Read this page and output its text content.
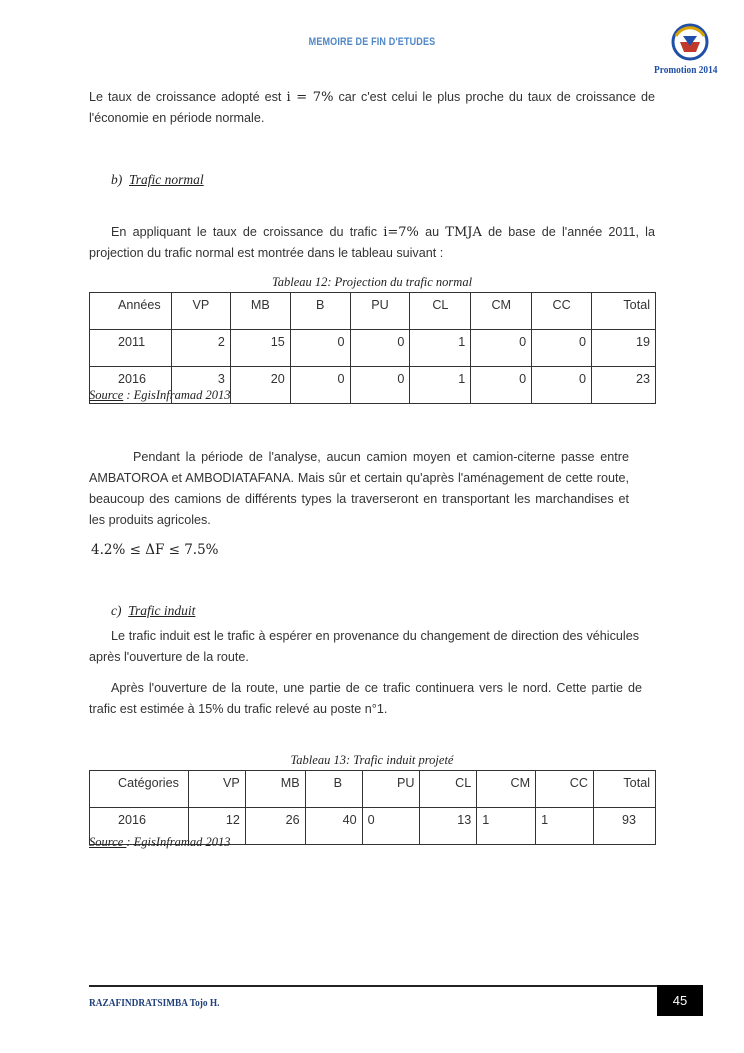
MEMOIRE DE FIN D'ETUDES
Promotion 2014
Le taux de croissance adopté est i = 7% car c'est celui le plus proche du taux de croissance de l'économie en période normale.
b) Trafic normal
En appliquant le taux de croissance du trafic i=7% au TMJA de base de l'année 2011, la projection du trafic normal est montrée dans le tableau suivant :
Tableau 12: Projection du trafic normal
Années	VP	MB	B	PU	CL	CM	CC	Total
2011	2	15	0	0	1	0	0	19
2016	3	20	0	0	1	0	0	23
Source : EgisInframad 2013
Pendant la période de l'analyse, aucun camion moyen et camion-citerne passe entre AMBATOROA et AMBODIATAFANA. Mais sûr et certain qu'après l'aménagement de cette route, beaucoup des camions de différents types la traverseront en transportant les marchandises et les produits agricoles.
4.2% ≤ ΔF ≤ 7.5%
c) Trafic induit
Le trafic induit est le trafic à espérer en provenance du changement de direction des véhicules après l'ouverture de la route.
Après l'ouverture de la route, une partie de ce trafic continuera vers le nord. Cette partie de trafic est estimée à 15% du trafic relevé au poste n°1.
Tableau 13: Trafic induit projeté
Catégories	VP	MB	B	PU	CL	CM	CC	Total
2016	12	26	40	0	13	1	1	93
Source : EgisInframad 2013
RAZAFINDRATSIMBA Tojo H.	45
